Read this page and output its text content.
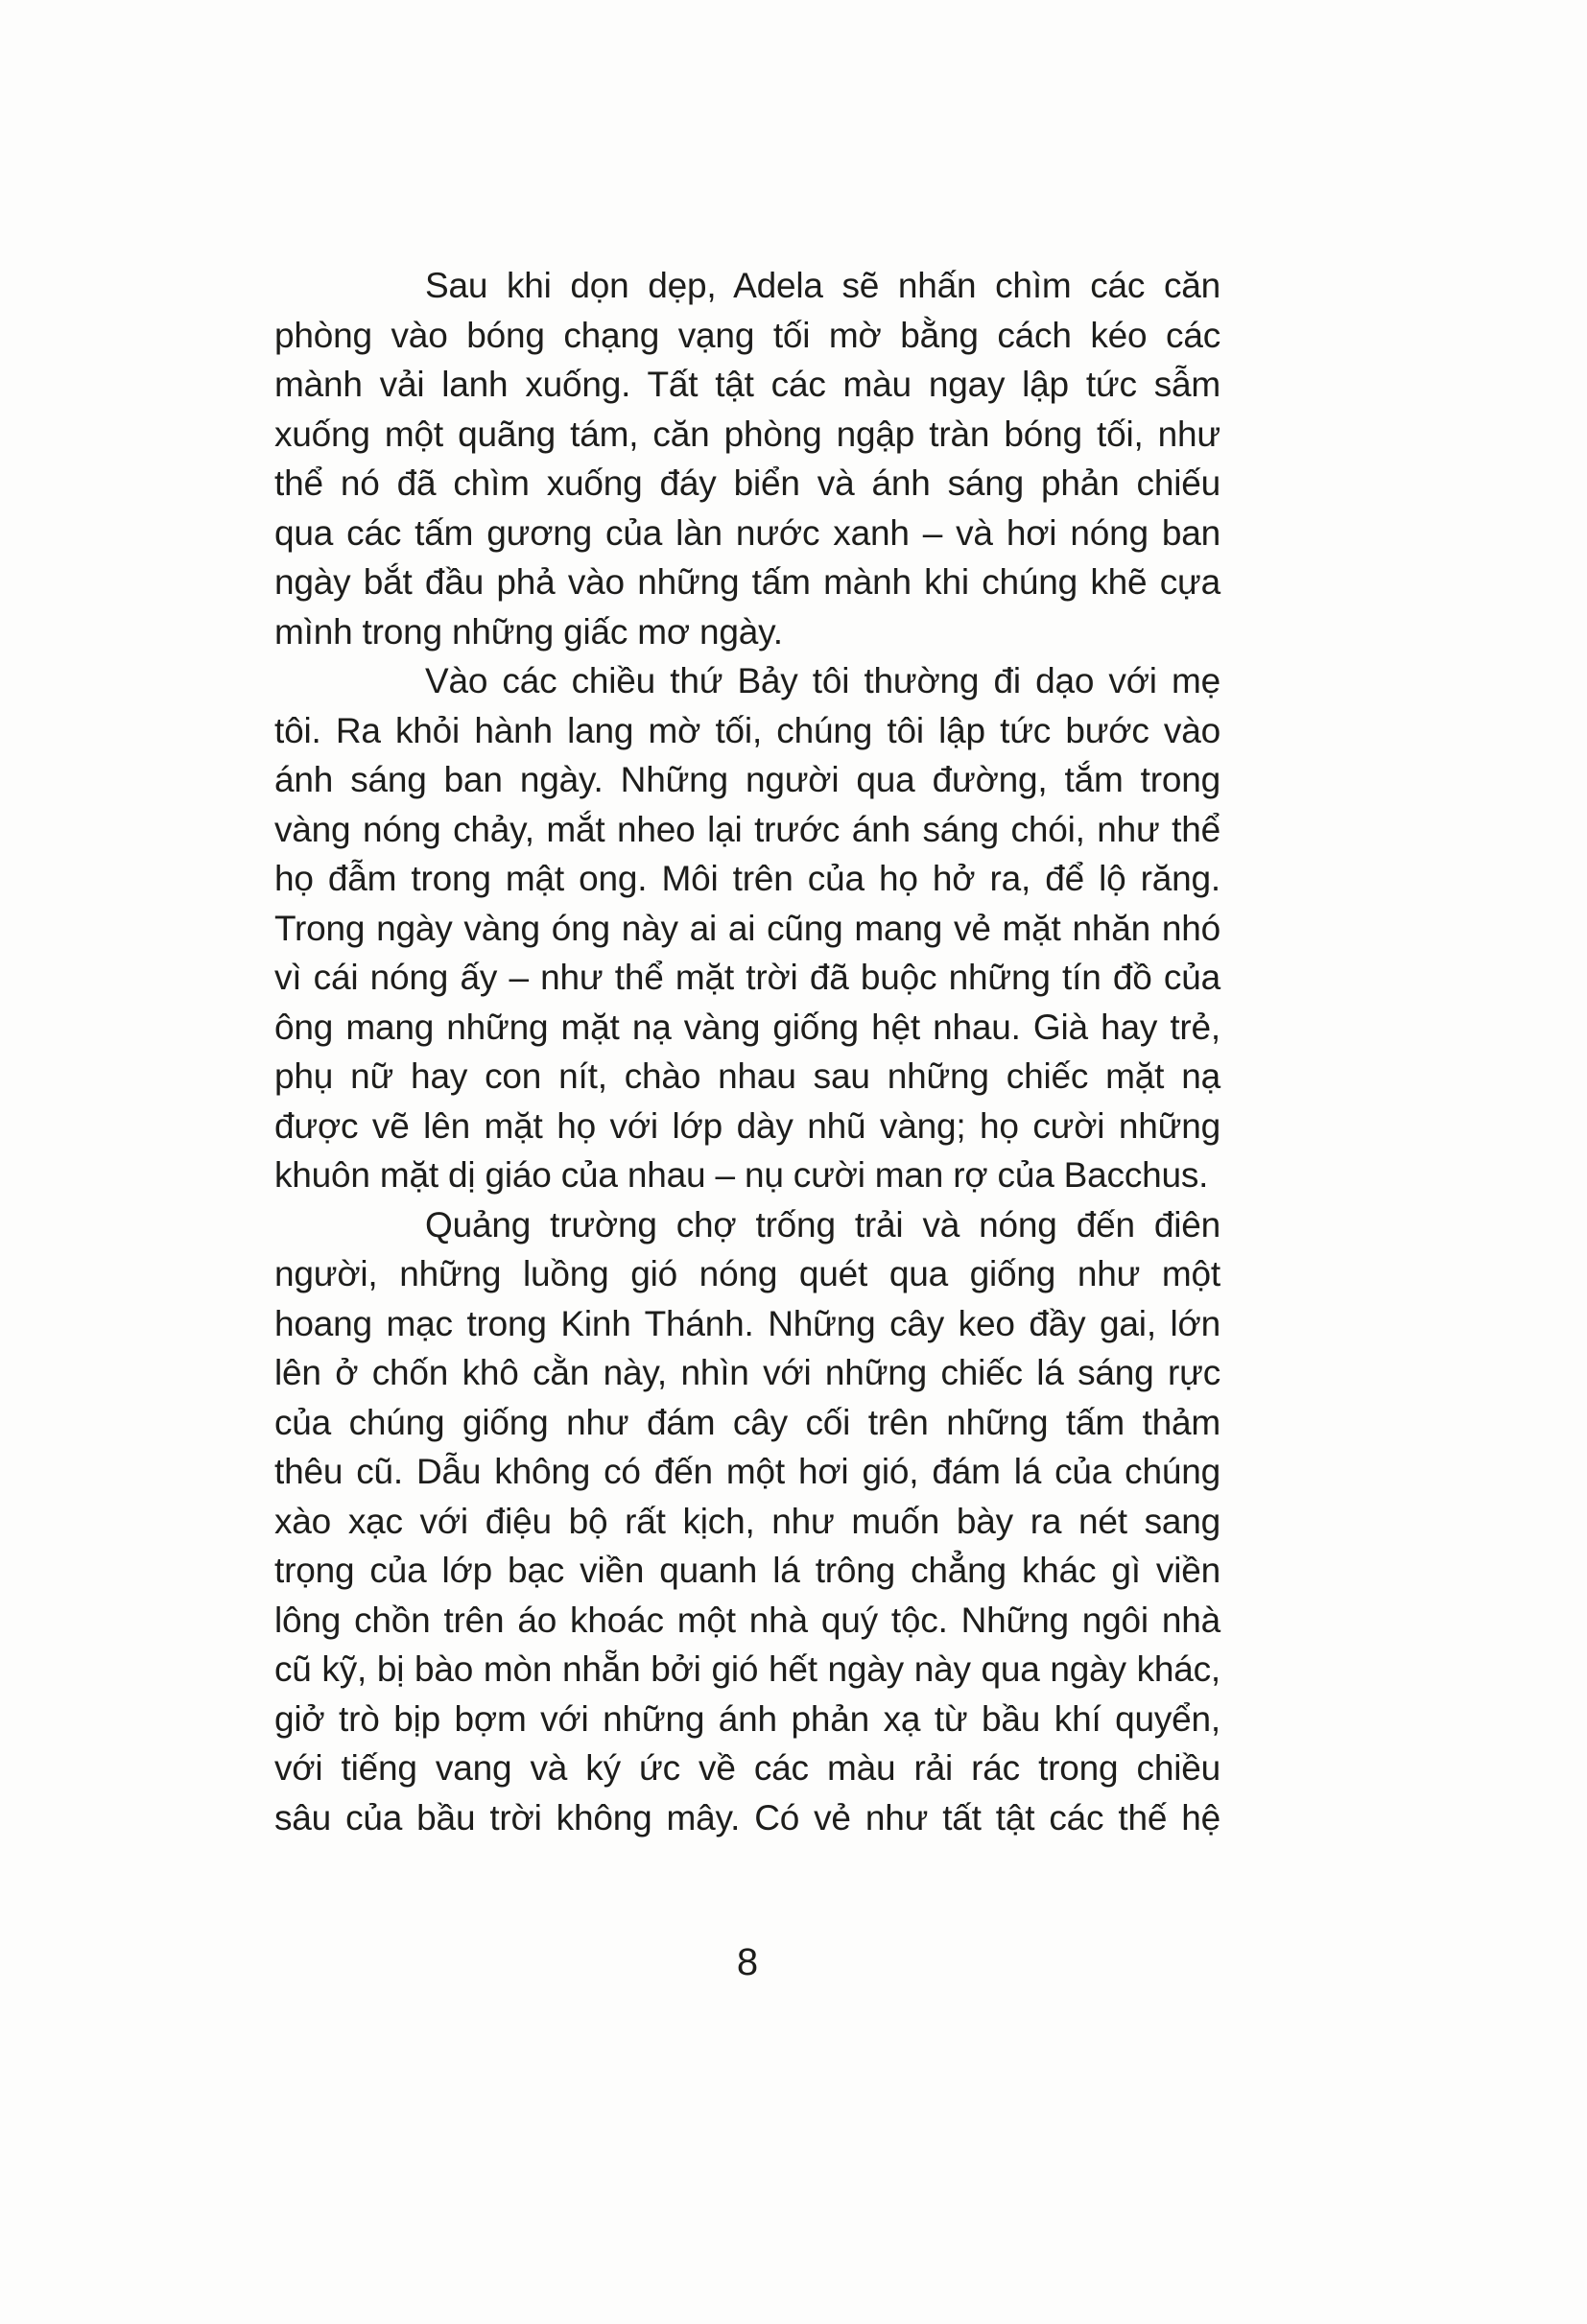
Sau khi dọn dẹp, Adela sẽ nhấn chìm các căn
phòng vào bóng chạng vạng tối mờ bằng cách kéo các
mành vải lanh xuống. Tất tật các màu ngay lập tức sẫm
xuống một quãng tám, căn phòng ngập tràn bóng tối, như
thể nó đã chìm xuống đáy biển và ánh sáng phản chiếu
qua các tấm gương của làn nước xanh – và hơi nóng ban
ngày bắt đầu phả vào những tấm mành khi chúng khẽ cựa
mình trong những giấc mơ ngày.
Vào các chiều thứ Bảy tôi thường đi dạo với mẹ
tôi. Ra khỏi hành lang mờ tối, chúng tôi lập tức bước vào
ánh sáng ban ngày. Những người qua đường, tắm trong
vàng nóng chảy, mắt nheo lại trước ánh sáng chói, như thể
họ đẫm trong mật ong. Môi trên của họ hở ra, để lộ răng.
Trong ngày vàng óng này ai ai cũng mang vẻ mặt nhăn nhó
vì cái nóng ấy – như thể mặt trời đã buộc những tín đồ của
ông mang những mặt nạ vàng giống hệt nhau. Già hay trẻ,
phụ nữ hay con nít, chào nhau sau những chiếc mặt nạ
được vẽ lên mặt họ với lớp dày nhũ vàng; họ cười những
khuôn mặt dị giáo của nhau – nụ cười man rợ của Bacchus.
Quảng trường chợ trống trải và nóng đến điên
người, những luồng gió nóng quét qua giống như một
hoang mạc trong Kinh Thánh. Những cây keo đầy gai, lớn
lên ở chốn khô cằn này, nhìn với những chiếc lá sáng rực
của chúng giống như đám cây cối trên những tấm thảm
thêu cũ. Dẫu không có đến một hơi gió, đám lá của chúng
xào xạc với điệu bộ rất kịch, như muốn bày ra nét sang
trọng của lớp bạc viền quanh lá trông chẳng khác gì viền
lông chồn trên áo khoác một nhà quý tộc. Những ngôi nhà
cũ kỹ, bị bào mòn nhẵn bởi gió hết ngày này qua ngày khác,
giở trò bịp bợm với những ánh phản xạ từ bầu khí quyển,
với tiếng vang và ký ức về các màu rải rác trong chiều
sâu của bầu trời không mây. Có vẻ như tất tật các thế hệ
8
